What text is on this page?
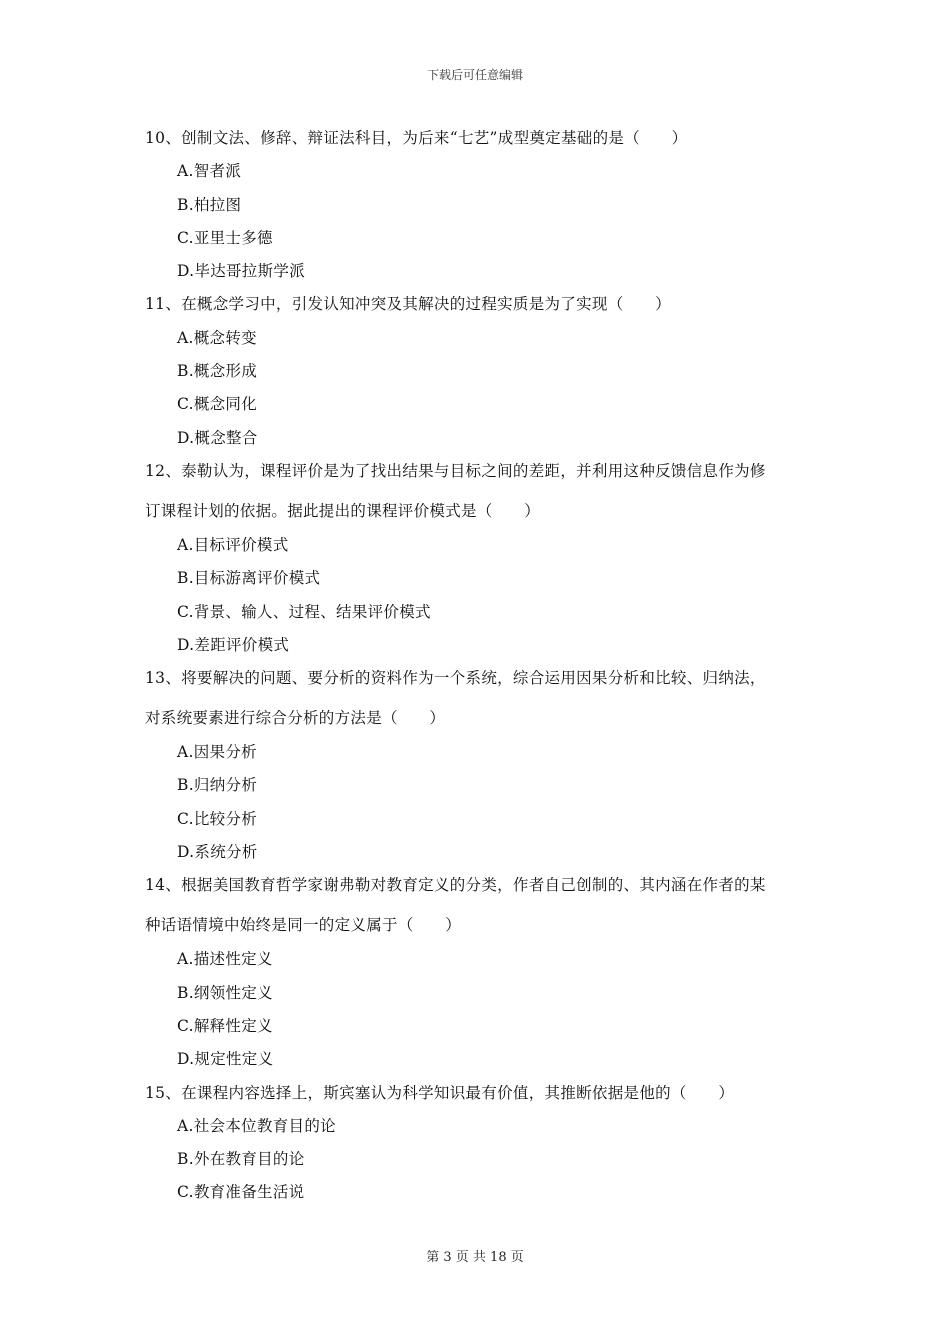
下载后可任意编辑
10、创制文法、修辞、辩证法科目，为后来“七艺”成型奠定基础的是（　　）
A.智者派
B.柏拉图
C.亚里士多德
D.毕达哥拉斯学派
11、在概念学习中，引发认知冲突及其解决的过程实质是为了实现（　　）
A.概念转变
B.概念形成
C.概念同化
D.概念整合
12、泰勒认为，课程评价是为了找出结果与目标之间的差距，并利用这种反馈信息作为修
订课程计划的依据。据此提出的课程评价模式是（　　）
A.目标评价模式
B.目标游离评价模式
C.背景、输人、过程、结果评价模式
D.差距评价模式
13、将要解决的问题、要分析的资料作为一个系统，综合运用因果分析和比较、归纳法，
对系统要素进行综合分析的方法是（　　）
A.因果分析
B.归纳分析
C.比较分析
D.系统分析
14、根据美国教育哲学家谢弗勒对教育定义的分类，作者自己创制的、其内涵在作者的某
种话语情境中始终是同一的定义属于（　　）
A.描述性定义
B.纲领性定义
C.解释性定义
D.规定性定义
15、在课程内容选择上，斯宾塞认为科学知识最有价值，其推断依据是他的（　　）
A.社会本位教育目的论
B.外在教育目的论
C.教育准备生活说
第 3 页 共 18 页
